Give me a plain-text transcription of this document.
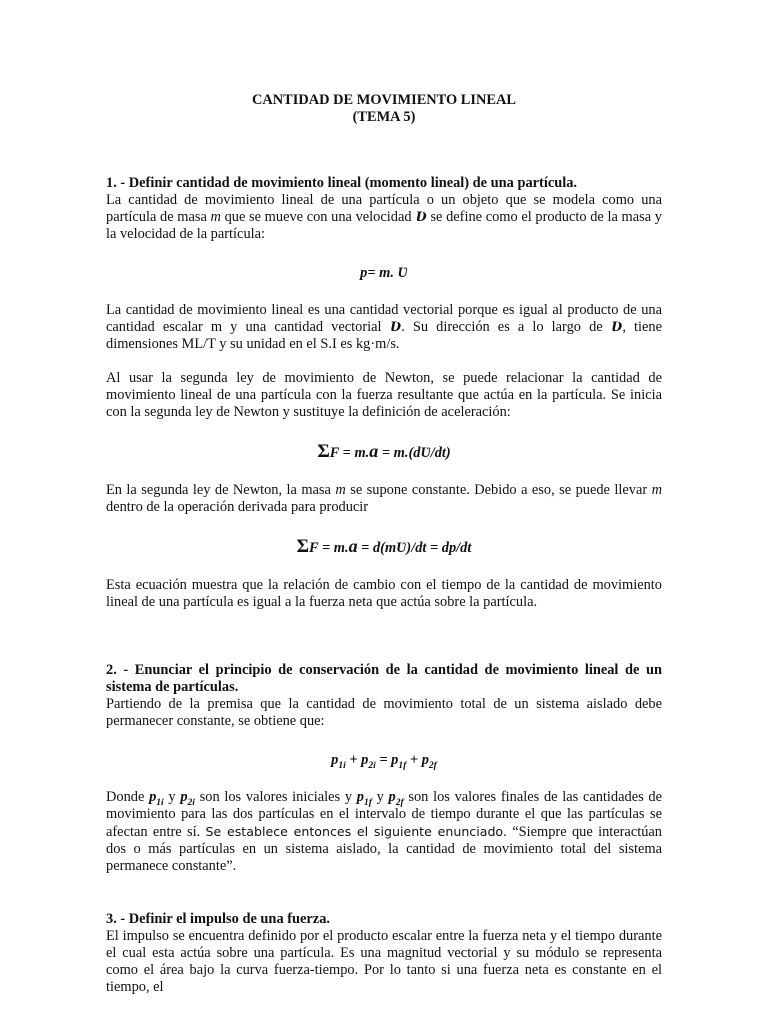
CANTIDAD DE MOVIMIENTO LINEAL
(TEMA 5)

1. - Definir cantidad de movimiento lineal (momento lineal) de una partícula.

La cantidad de movimiento lineal de una partícula o un objeto que se modela como una partícula de masa m que se mueve con una velocidad Ʋ se define como el producto de la masa y la velocidad de la partícula:

p= m. Ʋ

La cantidad de movimiento lineal es una cantidad vectorial porque es igual al producto de una cantidad escalar m y una cantidad vectorial Ʋ. Su dirección es a lo largo de Ʋ, tiene dimensiones ML/T y su unidad en el S.I es kg·m/s.

Al usar la segunda ley de movimiento de Newton, se puede relacionar la cantidad de movimiento lineal de una partícula con la fuerza resultante que actúa en la partícula. Se inicia con la segunda ley de Newton y sustituye la definición de aceleración:

ΣF = m.a = m.(dƲ/dt)

En la segunda ley de Newton, la masa m se supone constante. Debido a eso, se puede llevar m dentro de la operación derivada para producir

ΣF = m.a = d(mƲ)/dt = dp/dt

Esta ecuación muestra que la relación de cambio con el tiempo de la cantidad de movimiento lineal de una partícula es igual a la fuerza neta que actúa sobre la partícula.

2. - Enunciar el principio de conservación de la cantidad de movimiento lineal de un sistema de partículas.

Partiendo de la premisa que la cantidad de movimiento total de un sistema aislado debe permanecer constante, se obtiene que:

$p_{1i} + p_{2i} = p_{1f} + p_{2f}$

Donde $p_{1i}$ y $p_{2i}$ son los valores iniciales y $p_{1f}$ y $p_{2f}$ son los valores finales de las cantidades de movimiento para las dos partículas en el intervalo de tiempo durante el que las partículas se afectan entre sí. Se establece entonces el siguiente enunciado. “Siempre que interactúan dos o más partículas en un sistema aislado, la cantidad de movimiento total del sistema permanece constante”.

3. - Definir el impulso de una fuerza.

El impulso se encuentra definido por el producto escalar entre la fuerza neta y el tiempo durante el cual esta actúa sobre una partícula. Es una magnitud vectorial y su módulo se representa como el área bajo la curva fuerza-tiempo. Por lo tanto si una fuerza neta es constante en el tiempo, el
